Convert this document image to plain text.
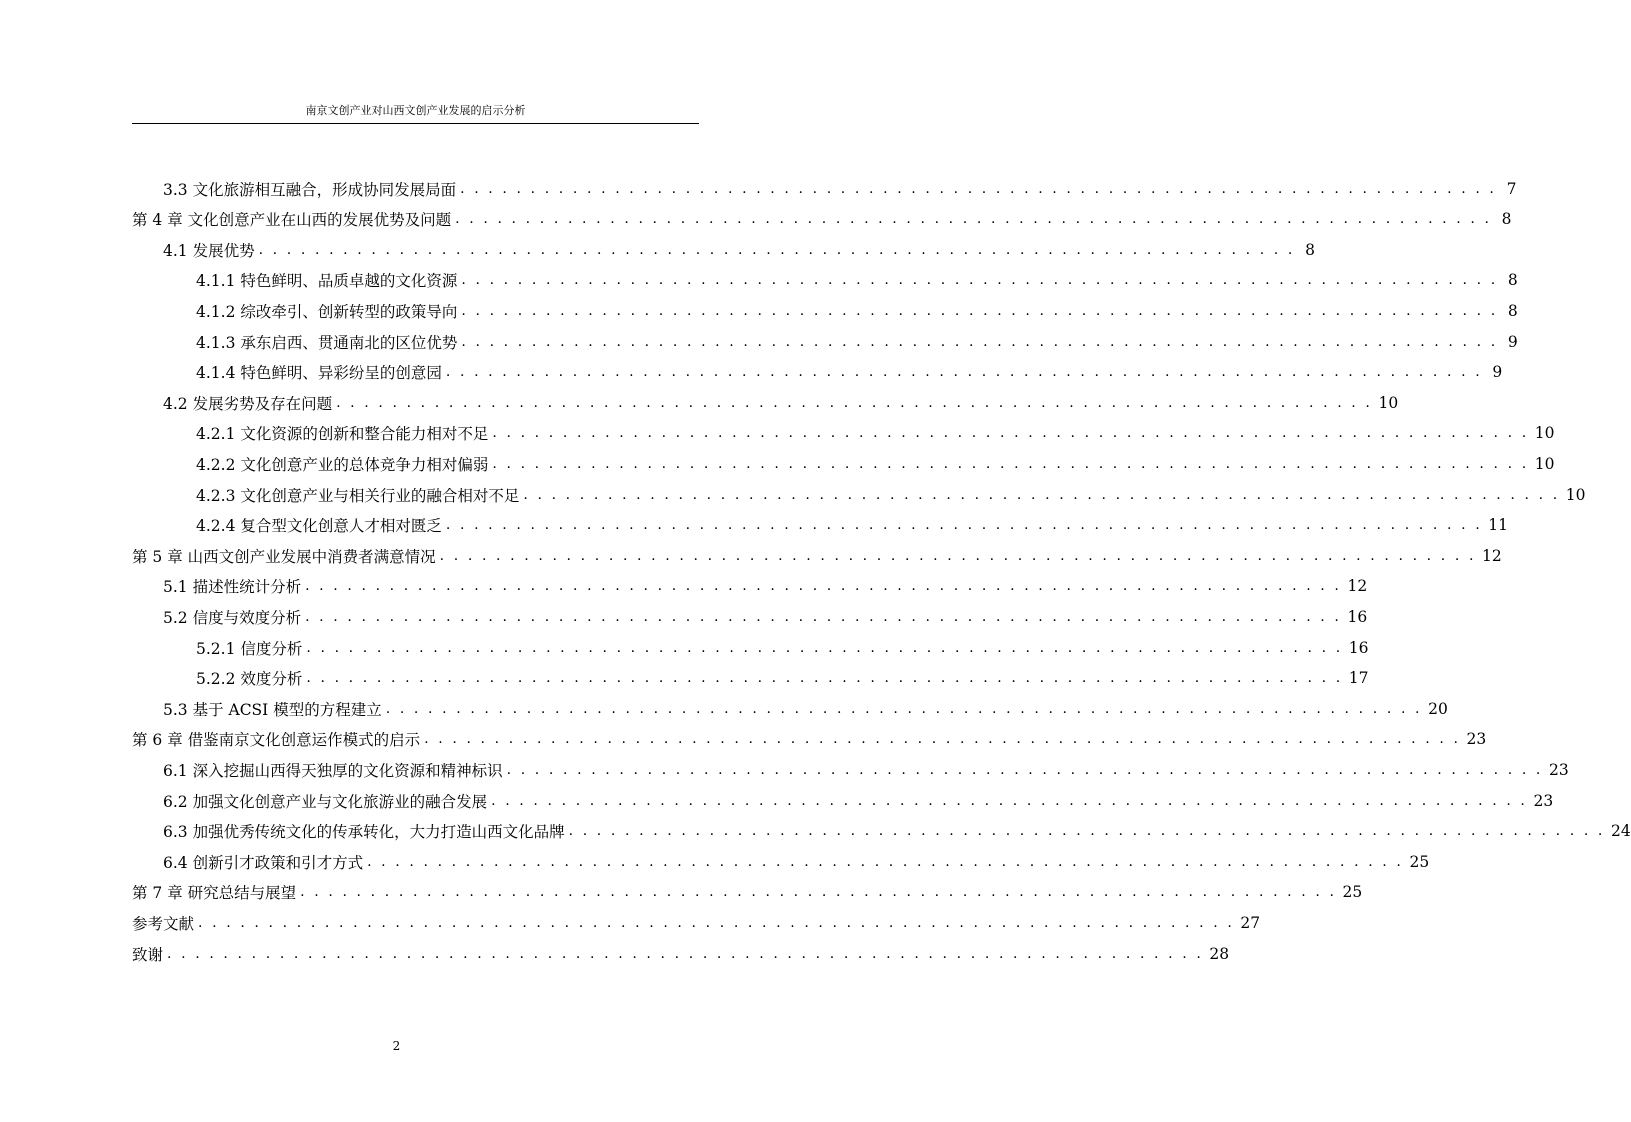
南京文创产业对山西文创产业发展的启示分析
3.3 文化旅游相互融合，形成协同发展局面 . . . . . . . . . . . . . . . . . . . . . . . . . . . . . . . . . . . . . . . . . . . . . . . . . . . . . . . . . . . . . . . . . . . . . . . . . . 7
第 4 章 文化创意产业在山西的发展优势及问题 . . . . . . . . . . . . . . . . . . . . . . . . . . . . . . . . . . . . . . . . . . . . . . . . . . . . . . . . . . . . . . . . . . . . . . . . . . 8
4.1 发展优势 . . . . . . . . . . . . . . . . . . . . . . . . . . . . . . . . . . . . . . . . . . . . . . . . . . . . . . . . . . . . . . . . . . . . . . . . . . 8
4.1.1 特色鲜明、品质卓越的文化资源 . . . . . . . . . . . . . . . . . . . . . . . . . . . . . . . . . . . . . . . . . . . . . . . . . . . . . . . . . . . . . . . . . . . . . . . . . . 8
4.1.2 综改牵引、创新转型的政策导向 . . . . . . . . . . . . . . . . . . . . . . . . . . . . . . . . . . . . . . . . . . . . . . . . . . . . . . . . . . . . . . . . . . . . . . . . . . 8
4.1.3 承东启西、贯通南北的区位优势 . . . . . . . . . . . . . . . . . . . . . . . . . . . . . . . . . . . . . . . . . . . . . . . . . . . . . . . . . . . . . . . . . . . . . . . . . . 9
4.1.4 特色鲜明、异彩纷呈的创意园 . . . . . . . . . . . . . . . . . . . . . . . . . . . . . . . . . . . . . . . . . . . . . . . . . . . . . . . . . . . . . . . . . . . . . . . . . . 9
4.2 发展劣势及存在问题 . . . . . . . . . . . . . . . . . . . . . . . . . . . . . . . . . . . . . . . . . . . . . . . . . . . . . . . . . . . . . . . . . . . . . . . . . . 10
4.2.1 文化资源的创新和整合能力相对不足 . . . . . . . . . . . . . . . . . . . . . . . . . . . . . . . . . . . . . . . . . . . . . . . . . . . . . . . . . . . . . . . . . . . . . . . . . . 10
4.2.2 文化创意产业的总体竞争力相对偏弱 . . . . . . . . . . . . . . . . . . . . . . . . . . . . . . . . . . . . . . . . . . . . . . . . . . . . . . . . . . . . . . . . . . . . . . . . . . 10
4.2.3 文化创意产业与相关行业的融合相对不足 . . . . . . . . . . . . . . . . . . . . . . . . . . . . . . . . . . . . . . . . . . . . . . . . . . . . . . . . . . . . . . . . . . . . . . . . . . 10
4.2.4 复合型文化创意人才相对匮乏 . . . . . . . . . . . . . . . . . . . . . . . . . . . . . . . . . . . . . . . . . . . . . . . . . . . . . . . . . . . . . . . . . . . . . . . . . . 11
第 5 章 山西文创产业发展中消费者满意情况 . . . . . . . . . . . . . . . . . . . . . . . . . . . . . . . . . . . . . . . . . . . . . . . . . . . . . . . . . . . . . . . . . . . . . . . . . . 12
5.1 描述性统计分析 . . . . . . . . . . . . . . . . . . . . . . . . . . . . . . . . . . . . . . . . . . . . . . . . . . . . . . . . . . . . . . . . . . . . . . . . . . 12
5.2 信度与效度分析 . . . . . . . . . . . . . . . . . . . . . . . . . . . . . . . . . . . . . . . . . . . . . . . . . . . . . . . . . . . . . . . . . . . . . . . . . . 16
5.2.1 信度分析 . . . . . . . . . . . . . . . . . . . . . . . . . . . . . . . . . . . . . . . . . . . . . . . . . . . . . . . . . . . . . . . . . . . . . . . . . . 16
5.2.2 效度分析 . . . . . . . . . . . . . . . . . . . . . . . . . . . . . . . . . . . . . . . . . . . . . . . . . . . . . . . . . . . . . . . . . . . . . . . . . . 17
5.3 基于 ACSI 模型的方程建立 . . . . . . . . . . . . . . . . . . . . . . . . . . . . . . . . . . . . . . . . . . . . . . . . . . . . . . . . . . . . . . . . . . . . . . . . . . 20
第 6 章 借鉴南京文化创意运作模式的启示 . . . . . . . . . . . . . . . . . . . . . . . . . . . . . . . . . . . . . . . . . . . . . . . . . . . . . . . . . . . . . . . . . . . . . . . . . . 23
6.1 深入挖掘山西得天独厚的文化资源和精神标识 . . . . . . . . . . . . . . . . . . . . . . . . . . . . . . . . . . . . . . . . . . . . . . . . . . . . . . . . . . . . . . . . . . . . . . . . . . 23
6.2 加强文化创意产业与文化旅游业的融合发展 . . . . . . . . . . . . . . . . . . . . . . . . . . . . . . . . . . . . . . . . . . . . . . . . . . . . . . . . . . . . . . . . . . . . . . . . . . 23
6.3 加强优秀传统文化的传承转化，大力打造山西文化品牌 . . . . . . . . . . . . . . . . . . . . . . . . . . . . . . . . . . . . . . . . . . . . . . . . . . . . . . . . . . . . . . . . . . . . . . . . . . 24
6.4 创新引才政策和引才方式 . . . . . . . . . . . . . . . . . . . . . . . . . . . . . . . . . . . . . . . . . . . . . . . . . . . . . . . . . . . . . . . . . . . . . . . . . . 25
第 7 章 研究总结与展望 . . . . . . . . . . . . . . . . . . . . . . . . . . . . . . . . . . . . . . . . . . . . . . . . . . . . . . . . . . . . . . . . . . . . . . . . . . 25
参考文献 . . . . . . . . . . . . . . . . . . . . . . . . . . . . . . . . . . . . . . . . . . . . . . . . . . . . . . . . . . . . . . . . . . . . . . . . . . 27
致谢 . . . . . . . . . . . . . . . . . . . . . . . . . . . . . . . . . . . . . . . . . . . . . . . . . . . . . . . . . . . . . . . . . . . . . . . . . . 28
2
